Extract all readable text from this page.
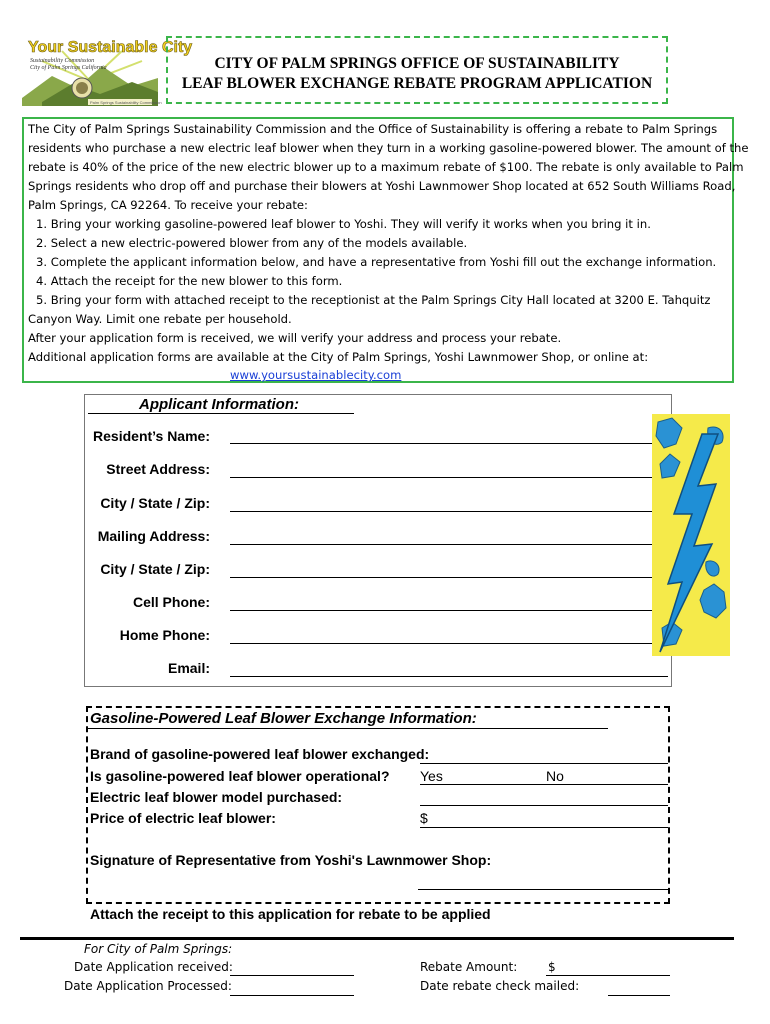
Your Sustainable City
Sustainability Commission
City of Palm Springs California
Palm Springs Sustainability Commission
CITY OF PALM SPRINGS OFFICE OF SUSTAINABILITY
LEAF BLOWER EXCHANGE REBATE PROGRAM APPLICATION
The City of Palm Springs Sustainability Commission and the Office of Sustainability is offering a rebate to Palm Springs
residents who purchase a new electric leaf blower when they turn in a working gasoline-powered blower. The amount of the
rebate is 40% of the price of the new electric blower up to a maximum rebate of $100. The rebate is only available to Palm
Springs residents who drop off and purchase their blowers at Yoshi Lawnmower Shop located at 652 South Williams Road,
Palm Springs, CA 92264. To receive your rebate:
1. Bring your working gasoline-powered leaf blower to Yoshi. They will verify it works when you bring it in.
2. Select a new electric-powered blower from any of the models available.
3. Complete the applicant information below, and have a representative from Yoshi fill out the exchange information.
4. Attach the receipt for the new blower to this form.
5. Bring your form with attached receipt to the receptionist at the Palm Springs City Hall located at 3200 E. Tahquitz
Canyon Way. Limit one rebate per household.
After your application form is received, we will verify your address and process your rebate.
Additional application forms are available at the City of Palm Springs, Yoshi Lawnmower Shop, or online at:
www.yoursustainablecity.com
Applicant Information:
Resident’s Name:
Street Address:
City / State / Zip:
Mailing Address:
City / State / Zip:
Cell Phone:
Home Phone:
Email:
Gasoline-Powered Leaf Blower Exchange Information:
Brand of gasoline-powered leaf blower exchanged:
Is gasoline-powered leaf blower operational? Yes	No
Electric leaf blower model purchased:
Price of electric leaf blower:	$
Signature of Representative from Yoshi's Lawnmower Shop:
Attach the receipt to this application for rebate to be applied
For City of Palm Springs:
Date Application received:
Date Application Processed:
Rebate Amount:	$
Date rebate check mailed:
